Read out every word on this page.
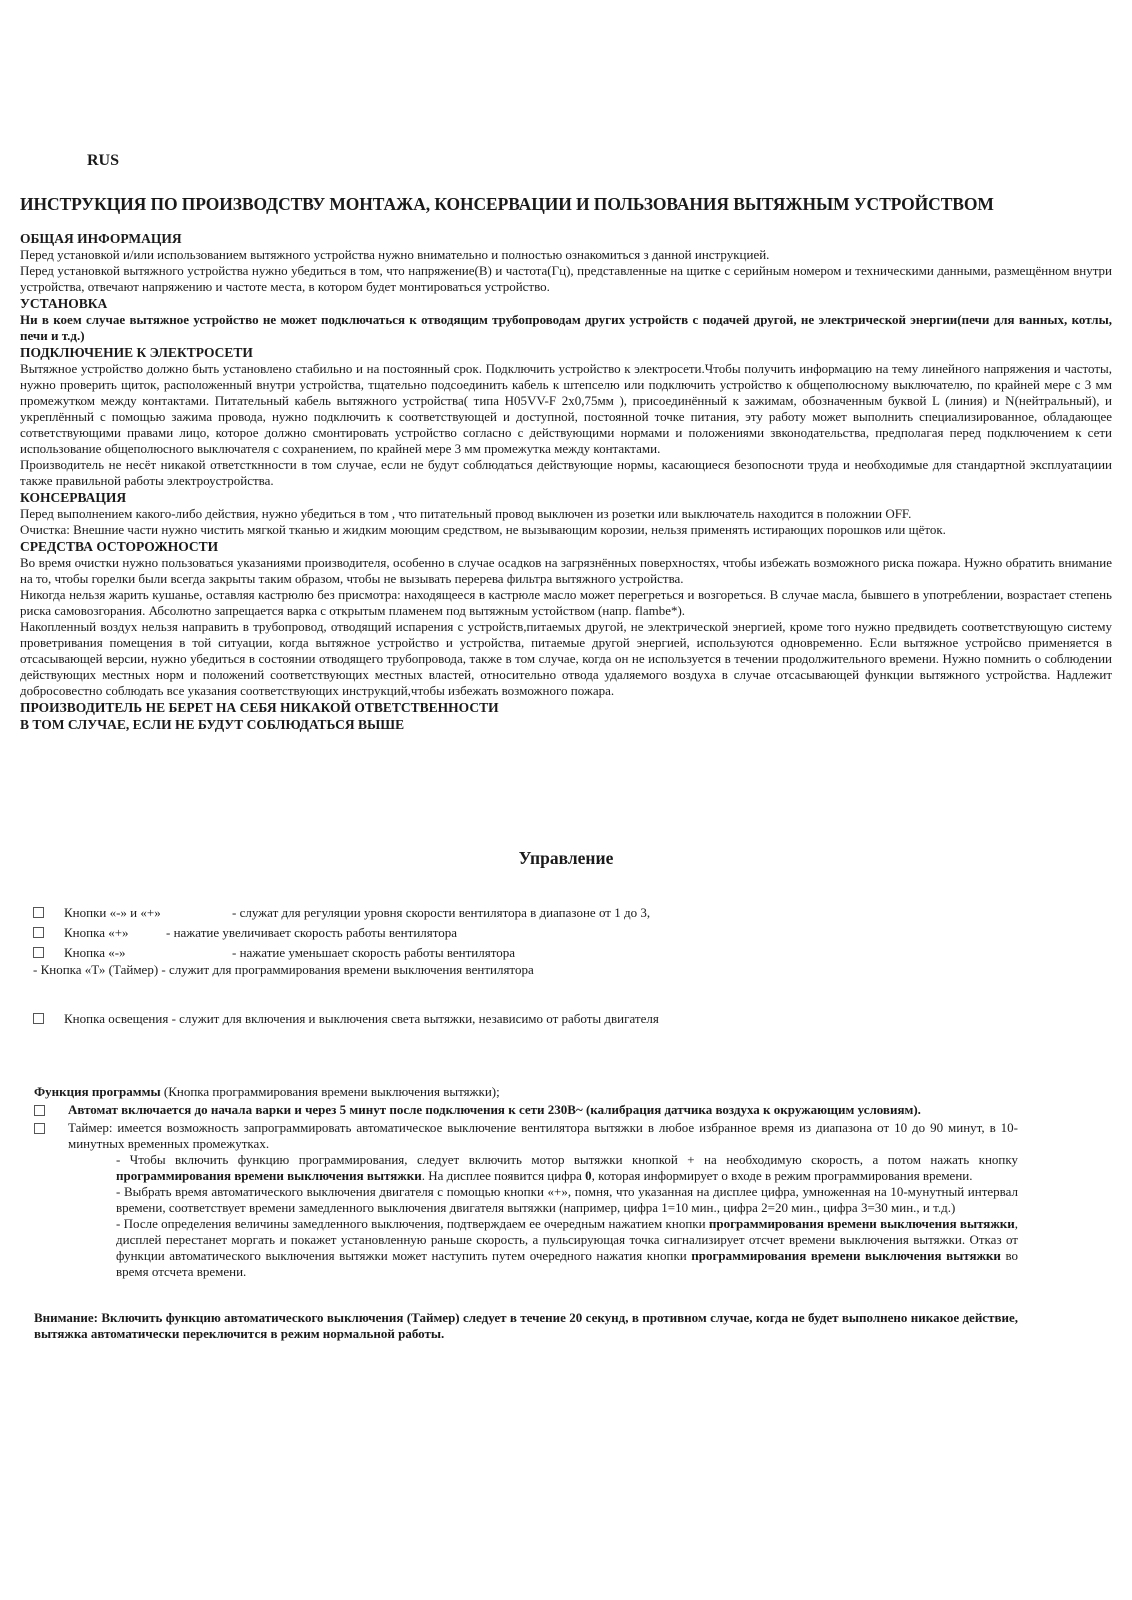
RUS
ИНСТРУКЦИЯ ПО ПРОИЗВОДСТВУ МОНТАЖА, КОНСЕРВАЦИИ И ПОЛЬЗОВАНИЯ ВЫТЯЖНЫМ УСТРОЙСТВОМ
ОБЩАЯ ИНФОРМАЦИЯ

Перед установкой и/или использованием вытяжного устройства нужно внимательно и полностью ознакомиться з данной инструкцией.

Перед установкой вытяжного устройства нужно убедиться в том, что напряжение(В) и частота(Гц), представленные на щитке с серийным номером и техническими данными, размещённом внутри устройства, отвечают напряжению и частоте места, в котором будет монтироваться устройство.

УСТАНОВКА

Ни в коем случае вытяжное устройство не может подключаться к отводящим трубопроводам других устройств с подачей другой, не электрической энергии(печи для ванных, котлы, печи и т.д.)

ПОДКЛЮЧЕНИЕ К ЭЛЕКТРОСЕТИ

Вытяжное устройство должно быть установлено стабильно и на постоянный срок. Подключить устройство к электросети.Чтобы получить информацию на тему линейного напряжения и частоты, нужно проверить щиток, расположенный внутри устройства, тщательно подсоединить кабель к штепселю или подключить устройство к общеполюсному выключателю, по крайней мере с 3 мм промежутком между контактами. Питательный кабель вытяжного устройства( типа H05VV-F 2x0,75мм ), присоединённый к зажимам, обозначенным буквой L (линия) и N(нейтральный), и укреплённый с помощью зажима провода, нужно подключить к соответствующей и доступной, постоянной точке питания, эту работу может выполнить специализированное, обладающее сответствующими правами лицо, которое должно смонтировать устройство согласно с действующими нормами и положениями звконодательства, предполагая перед подключением к сети использование общеполюсного выключателя с сохранением, по крайней мере 3 мм промежутка между контактами.

Производитель не несёт никакой ответсткнности в том случае, если не будут соблюдаться действующие нормы, касающиеся безопосноти труда и необходимые для стандартной эксплуатациии также правильной работы электроустройства.

КОНСЕРВАЦИЯ

Перед выполнением какого-либо действия, нужно убедиться в том , что питательный провод выключен из розетки или выключатель находится в положнии OFF.

Очистка: Внешние части нужно чистить мягкой тканью и жидким моющим средством, не вызывающим корозии, нельзя применять истирающих порошков или щёток.

СРЕДСТВА ОСТОРОЖНОСТИ

Во время очистки нужно пользоваться указаниями производителя, особенно в случае осадков на загрязнённых поверхностях, чтобы избежать возможного риска пожара. Нужно обратить внимание на то, чтобы горелки были всегда закрыты таким образом, чтобы не вызывать перерева фильтра вытяжного устройства.

Никогда нельзя жарить кушанье, оставляя кастрюлю без присмотра: находящееся в кастрюле масло может перегреться и возгореться. В случае масла, бывшего в употреблении, возрастает степень риска самовозгорания. Абсолютно запрещается варка с открытым пламенем под вытяжным устойством (напр. flambe*).

Накопленный воздух нельзя направить в трубопровод, отводящий испарения с устройств,питаемых другой, не электрической энергией, кроме того нужно предвидеть соответствующую систему проветривания помещения в той ситуации, когда вытяжное устройство и устройства, питаемые другой энергией, используются одновременно. Если вытяжное устройсво применяется в отсасывающей версии, нужно убедиться в состоянии отводящего трубопровода, также в том случае, когда он не используется в течении продолжительного времени. Нужно помнить о соблюдении действующих местных норм и положений соответствующих местных властей, относительно отвода удаляемого воздуха в случае отсасывающей функции вытяжного устройства. Надлежит добросовестно соблюдать все указания соответствующих инструкций,чтобы избежать возможного пожара.

ПРОИЗВОДИТЕЛЬ НЕ БЕРЕТ НА СЕБЯ НИКАКОЙ ОТВЕТСТВЕННОСТИ
В ТОМ СЛУЧАЕ, ЕСЛИ НЕ БУДУТ СОБЛЮДАТЬСЯ ВЫШЕ
Управление
Кнопки «-» и «+»	- служат для регуляции уровня скорости вентилятора в диапазоне от 1 до 3,
Кнопка «+»	- нажатие увеличивает скорость работы вентилятора
Кнопка «-»	- нажатие уменьшает скорость работы вентилятора
- Кнопка «Т» (Таймер) - служит для программирования времени выключения вентилятора
Кнопка освещения - служит для включения и выключения света вытяжки, независимо от работы двигателя

Функция программы (Кнопка программирования времени выключения вытяжки);

Автомат включается до начала варки и через 5 минут после подключения к сети 230В~ (калибрация датчика воздуха к окружающим условиям).

Таймер: имеется возможность запрограммировать автоматическое выключение вентилятора вытяжки в любое избранное время из диапазона от 10 до 90 минут, в 10-минутных временных промежутках.

- Чтобы включить функцию программирования, следует включить мотор вытяжки кнопкой + на необходимую скорость, а потом нажать кнопку программирования времени выключения вытяжки. На дисплее появится цифра 0, которая информирует о входе в режим программирования времени.

- Выбрать время автоматического выключения двигателя с помощью кнопки «+», помня, что указанная на дисплее цифра, умноженная на 10-мунутный интервал времени, соответствует времени замедленного выключения двигателя вытяжки (например, цифра 1=10 мин., цифра 2=20 мин., цифра 3=30 мин., и т.д.)

- После определения величины замедленного выключения, подтверждаем ее очередным нажатием кнопки программирования времени выключения вытяжки, дисплей перестанет моргать и покажет установленную раньше скорость, а пульсирующая точка сигнализирует отсчет времени выключения вытяжки. Отказ от функции автоматического выключения вытяжки может наступить путем очередного нажатия кнопки программирования времени выключения вытяжки во время отсчета времени.

Внимание: Включить функцию автоматического выключения (Таймер) следует в течение 20 секунд, в противном случае, когда не будет выполнено никакое действие, вытяжка автоматически переключится в режим нормальной работы.
